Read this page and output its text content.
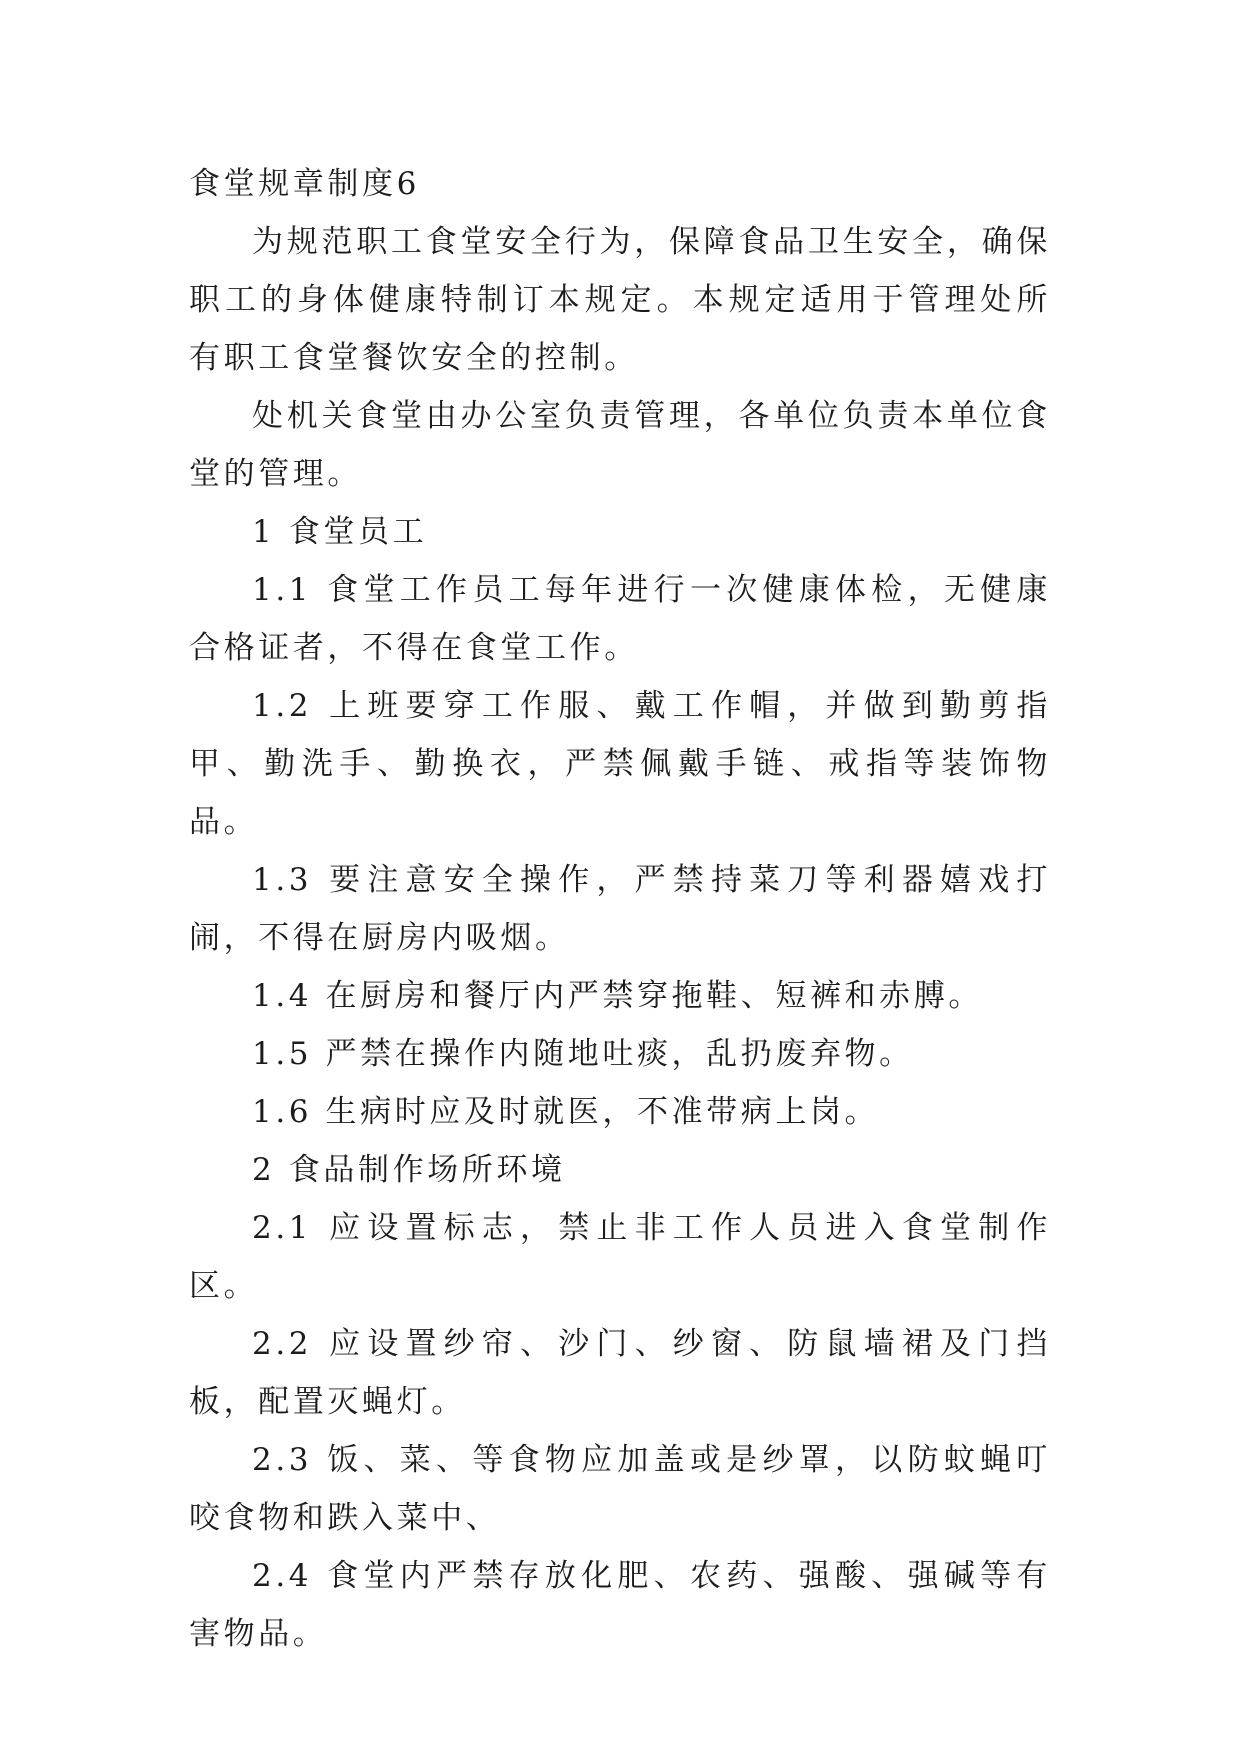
食堂规章制度6

为规范职工食堂安全行为，保障食品卫生安全，确保职工的身体健康特制订本规定。本规定适用于管理处所有职工食堂餐饮安全的控制。

处机关食堂由办公室负责管理，各单位负责本单位食堂的管理。

1 食堂员工

1.1 食堂工作员工每年进行一次健康体检，无健康合格证者，不得在食堂工作。

1.2 上班要穿工作服、戴工作帽，并做到勤剪指甲、勤洗手、勤换衣，严禁佩戴手链、戒指等装饰物品。

1.3 要注意安全操作，严禁持菜刀等利器嬉戏打闹，不得在厨房内吸烟。

1.4 在厨房和餐厅内严禁穿拖鞋、短裤和赤膊。

1.5 严禁在操作内随地吐痰，乱扔废弃物。

1.6 生病时应及时就医，不准带病上岗。

2 食品制作场所环境

2.1 应设置标志，禁止非工作人员进入食堂制作区。

2.2 应设置纱帘、沙门、纱窗、防鼠墙裙及门挡板，配置灭蝇灯。

2.3 饭、菜、等食物应加盖或是纱罩，以防蚊蝇叮咬食物和跌入菜中、

2.4 食堂内严禁存放化肥、农药、强酸、强碱等有害物品。
